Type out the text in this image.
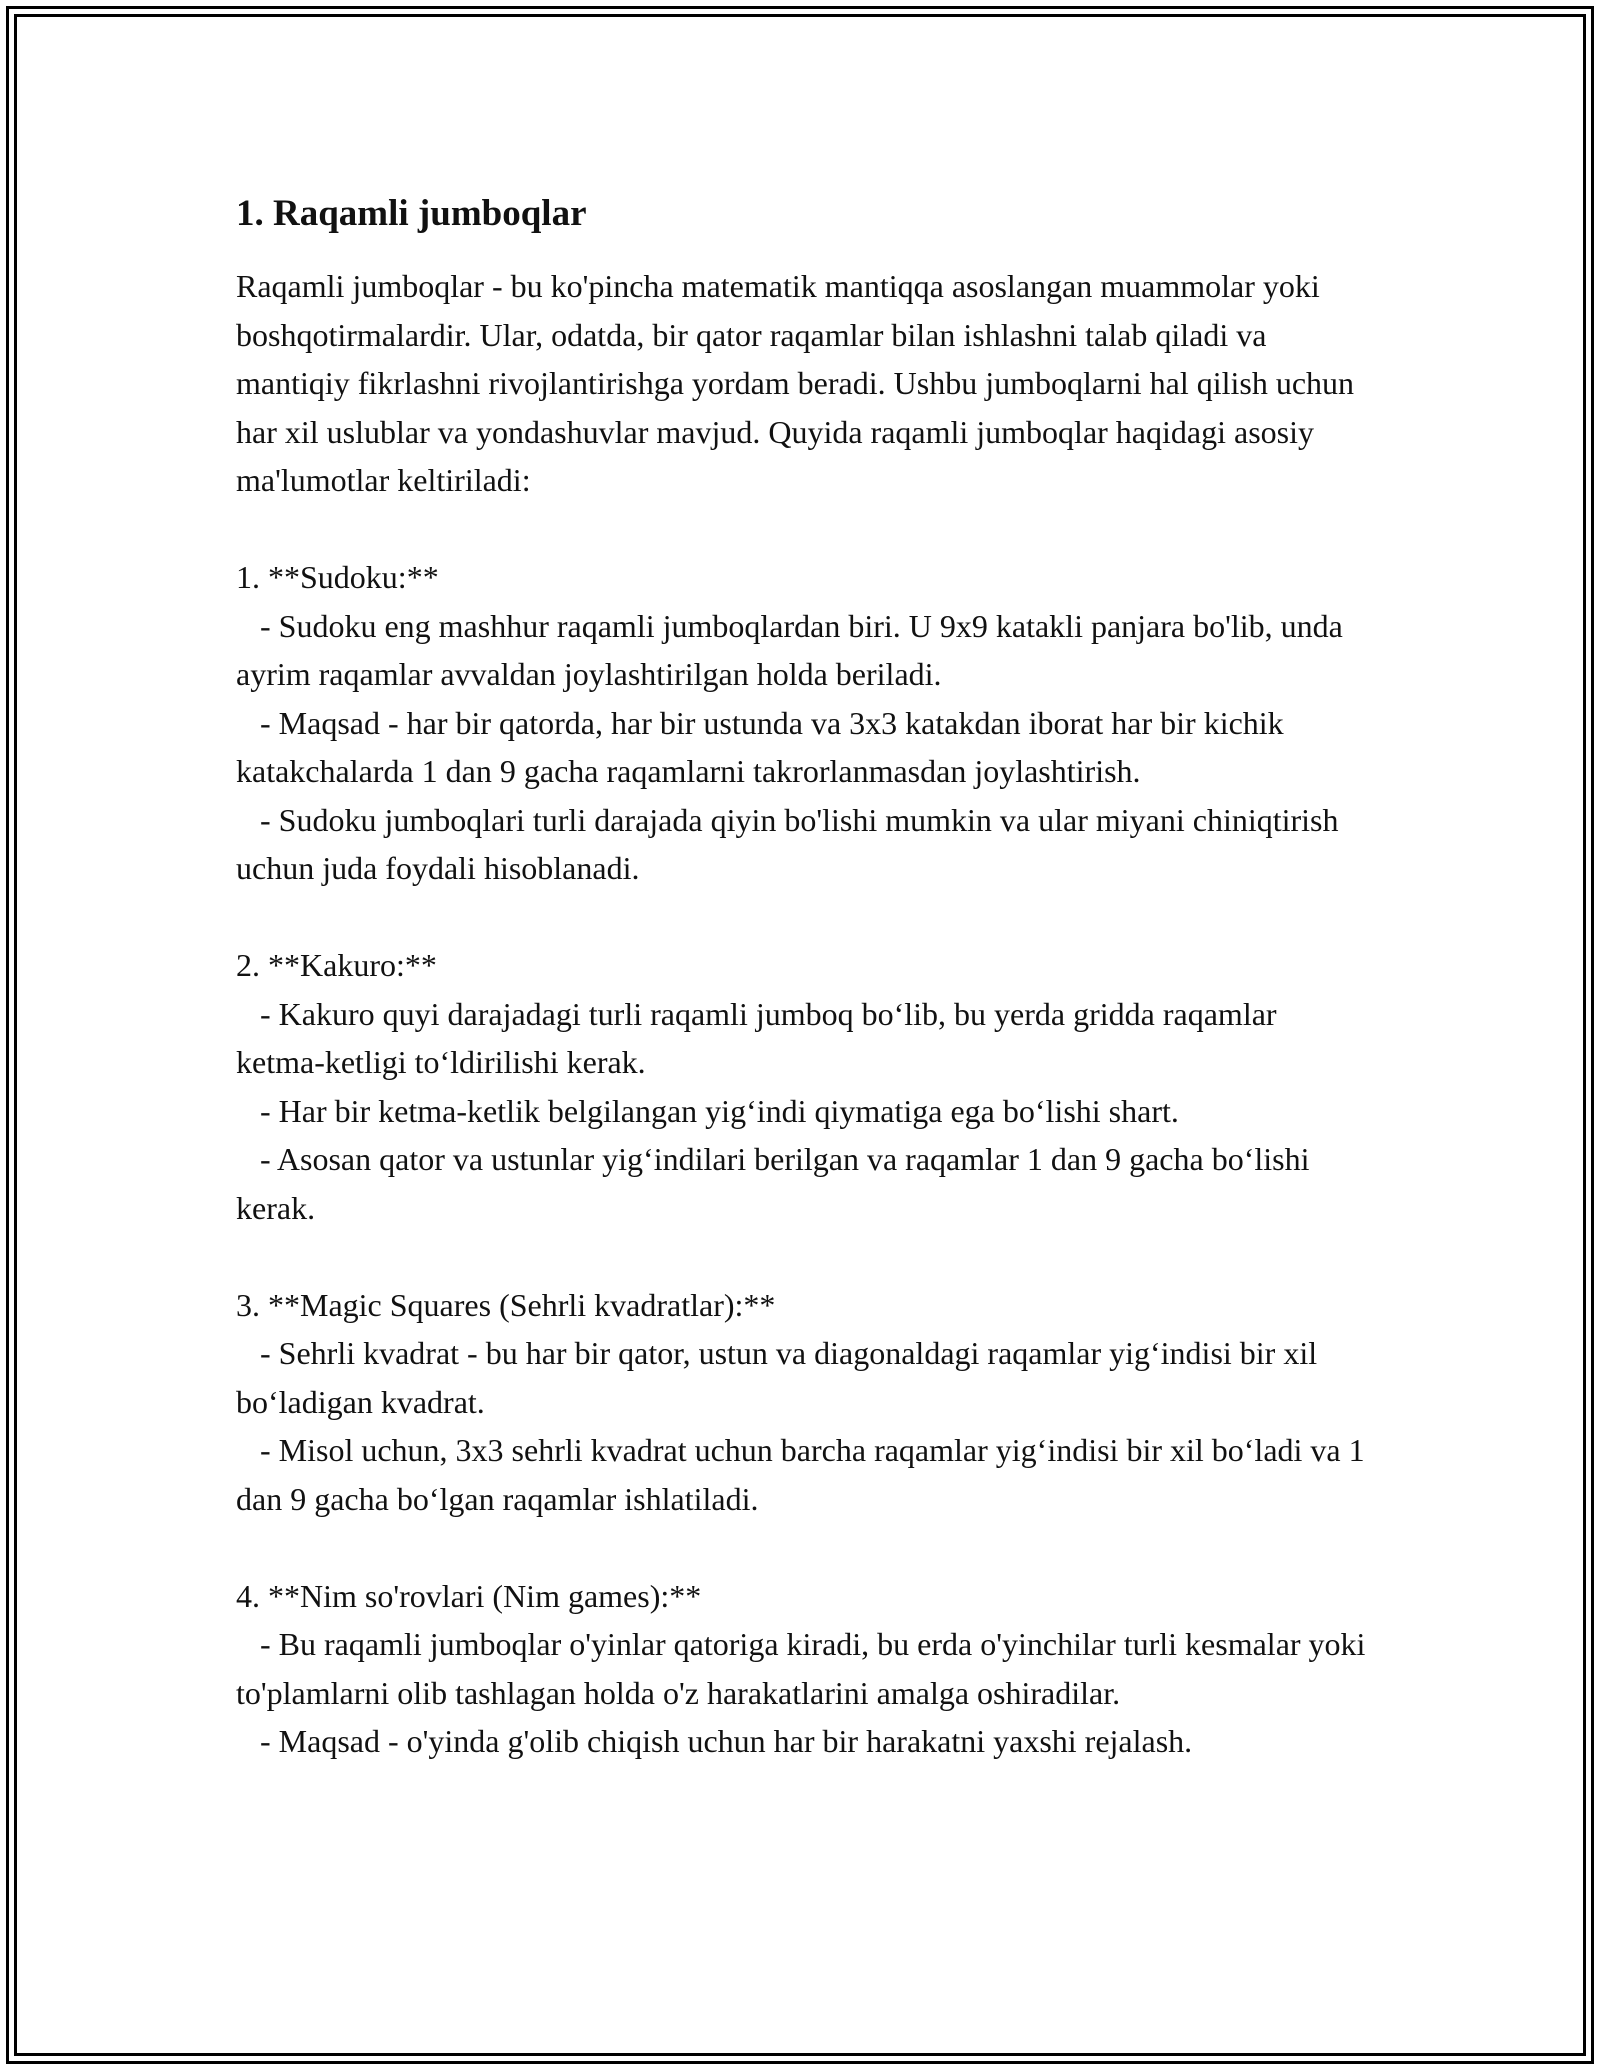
1. Raqamli jumboqlar

Raqamli jumboqlar - bu ko'pincha matematik mantiqqa asoslangan muammolar yoki boshqotirmalardir. Ular, odatda, bir qator raqamlar bilan ishlashni talab qiladi va mantiqiy fikrlashni rivojlantirishga yordam beradi. Ushbu jumboqlarni hal qilish uchun har xil uslublar va yondashuvlar mavjud. Quyida raqamli jumboqlar haqidagi asosiy ma'lumotlar keltiriladi:

1. **Sudoku:**

- Sudoku eng mashhur raqamli jumboqlardan biri. U 9x9 katakli panjara bo'lib, unda ayrim raqamlar avvaldan joylashtirilgan holda beriladi.

- Maqsad - har bir qatorda, har bir ustunda va 3x3 katakdan iborat har bir kichik katakchalarda 1 dan 9 gacha raqamlarni takrorlanmasdan joylashtirish.

- Sudoku jumboqlari turli darajada qiyin bo'lishi mumkin va ular miyani chiniqtirish uchun juda foydali hisoblanadi.

2. **Kakuro:**

- Kakuro quyi darajadagi turli raqamli jumboq bo‘lib, bu yerda gridda raqamlar ketma-ketligi to‘ldirilishi kerak.

- Har bir ketma-ketlik belgilangan yig‘indi qiymatiga ega bo‘lishi shart.

- Asosan qator va ustunlar yig‘indilari berilgan va raqamlar 1 dan 9 gacha bo‘lishi kerak.

3. **Magic Squares (Sehrli kvadratlar):**

- Sehrli kvadrat - bu har bir qator, ustun va diagonaldagi raqamlar yig‘indisi bir xil bo‘ladigan kvadrat.

- Misol uchun, 3x3 sehrli kvadrat uchun barcha raqamlar yig‘indisi bir xil bo‘ladi va 1 dan 9 gacha bo‘lgan raqamlar ishlatiladi.

4. **Nim so'rovlari (Nim games):**

- Bu raqamli jumboqlar o'yinlar qatoriga kiradi, bu erda o'yinchilar turli kesmalar yoki to'plamlarni olib tashlagan holda o'z harakatlarini amalga oshiradilar.

- Maqsad - o'yinda g'olib chiqish uchun har bir harakatni yaxshi rejalash.
